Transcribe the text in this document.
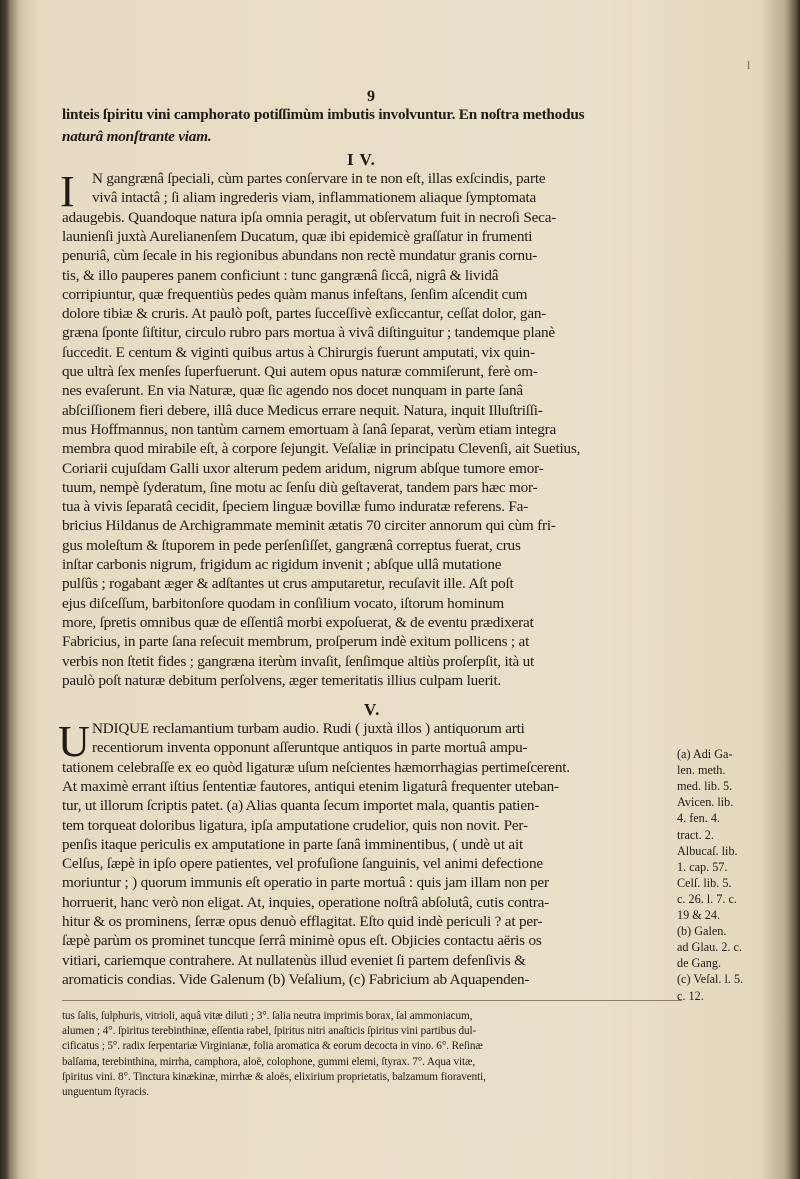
l
9
linteis ſpiritu vini camphorato potiſſimùm imbutis involvuntur. En noſtra methodus
naturâ monſtrante viam.
I V.
I N gangrænâ ſpeciali, cùm partes conſervare in te non eſt, illas exſcindis, parte
vivâ intactâ ; ſi aliam ingrederis viam, inflammationem aliaque ſymptomata
adaugebis. Quandoque natura ipſa omnia peragit, ut obſervatum fuit in necroſi Seca-
launienſi juxtà Aurelianenſem Ducatum, quæ ibi epidemicè graſſatur in frumenti
penuriâ, cùm ſecale in his regionibus abundans non rectè mundatur granis cornu-
tis, & illo pauperes panem conficiunt : tunc gangrænâ ſiccâ, nigrâ & lividâ
corripiuntur, quæ frequentiùs pedes quàm manus infeſtans, ſenſim aſcendit cum
dolore tibiæ & cruris. At paulò poſt, partes ſucceſſivè exſiccantur, ceſſat dolor, gan-
græna ſponte ſiſtitur, circulo rubro pars mortua à vivâ diſtinguitur ; tandemque planè
ſuccedit. E centum & viginti quibus artus à Chirurgis fuerunt amputati, vix quin-
que ultrà ſex menſes ſuperfuerunt. Qui autem opus naturæ commiſerunt, ferè om-
nes evaſerunt. En via Naturæ, quæ ſic agendo nos docet nunquam in parte ſanâ
abſciſſionem fieri debere, illâ duce Medicus errare nequit. Natura, inquit Illuſtriſſi-
mus Hoffmannus, non tantùm carnem emortuam à ſanâ ſeparat, verùm etiam integra
membra quod mirabile eſt, à corpore ſejungit. Veſaliæ in principatu Clevenſi, ait Suetius,
Coriarii cujuſdam Galli uxor alterum pedem aridum, nigrum abſque tumore emor-
tuum, nempè ſyderatum, ſine motu ac ſenſu diù geſtaverat, tandem pars hæc mor-
tua à vivis ſeparatâ cecidit, ſpeciem linguæ bovillæ fumo induratæ referens. Fa-
bricius Hildanus de Archigrammate meminit ætatis 70 circiter annorum qui cùm fri-
gus moleſtum & ſtuporem in pede perſenſiſſet, gangrænâ correptus fuerat, crus
inſtar carbonis nigrum, frigidum ac rigidum invenit ; abſque ullâ mutatione
pulſûs ; rogabant æger & adſtantes ut crus amputaretur, recuſavit ille. Aſt poſt
ejus diſceſſum, barbitonſore quodam in conſilium vocato, iſtorum hominum
more, ſpretis omnibus quæ de eſſentiâ morbi expoſuerat, & de eventu prædixerat
Fabricius, in parte ſana reſecuit membrum, proſperum indè exitum pollicens ; at
verbis non ſtetit fides ; gangræna iterùm invaſit, ſenſimque altiùs proſerpſit, ità ut
paulò poſt naturæ debitum perſolvens, æger temeritatis illius culpam luerit.
V.
U NDIQUE reclamantium turbam audio. Rudi ( juxtà illos ) antiquorum arti
recentiorum inventa opponunt aſſeruntque antiquos in parte mortuâ ampu-
tationem celebraſſe ex eo quòd ligaturæ uſum neſcientes hæmorrhagias pertimeſcerent.
At maximè errant iſtius ſententiæ fautores, antiqui etenim ligaturâ frequenter uteban-
tur, ut illorum ſcriptis patet. (a) Alias quanta ſecum importet mala, quantis patien-
tem torqueat doloribus ligatura, ipſa amputatione crudelior, quis non novit. Per-
penſis itaque periculis ex amputatione in parte ſanâ imminentibus, ( undè ut ait
Celſus, ſæpè in ipſo opere patientes, vel profuſione ſanguinis, vel animi defectione
moriuntur ; ) quorum immunis eſt operatio in parte mortuâ : quis jam illam non per
horruerit, hanc verò non eligat. At, inquies, operatione noſtrâ abſolutâ, cutis contra-
hitur & os prominens, ſerræ opus denuò efflagitat. Eſto quid indè periculi ? at per-
ſæpè parùm os prominet tuncque ſerrâ minimè opus eſt. Objicies contactu aëris os
vitiari, cariemque contrahere. At nullatenùs illud eveniet ſi partem defenſivis &
aromaticis condias. Vide Galenum (b) Veſalium, (c) Fabricium ab Aquapenden-
(a) Adi Ga-
len. meth.
med. lib. 5.
Avicen. lib.
4. fen. 4.
tract. 2.
Albucaſ. lib.
1. cap. 57.
Celſ. lib. 5.
c. 26. l. 7. c.
19 & 24.
(b) Galen.
ad Glau. 2. c.
de Gang.
(c) Veſal. l. 5.
c. 12.
tus ſalis, ſulphuris, vitrioli, aquâ vitæ diluti ; 3°. ſalia neutra imprimis borax, ſal ammoniacum,
alumen ; 4°. ſpiritus terebinthinæ, eſſentia rabel, ſpiritus nitri anaſticis ſpiritus vini partibus dul-
cificatus ; 5°. radix ſerpentariæ Virginianæ, folia aromatica & eorum decocta in vino. 6°. Reſinæ
balſama, terebinthina, mirrha, camphora, aloë, colophone, gummi elemi, ſtyrax. 7°. Aqua vitæ,
ſpiritus vini. 8°. Tinctura kinækinæ, mirrhæ & aloës, elixirium proprietatis, balzamum fioraventi,
unguentum ſtyracis.
